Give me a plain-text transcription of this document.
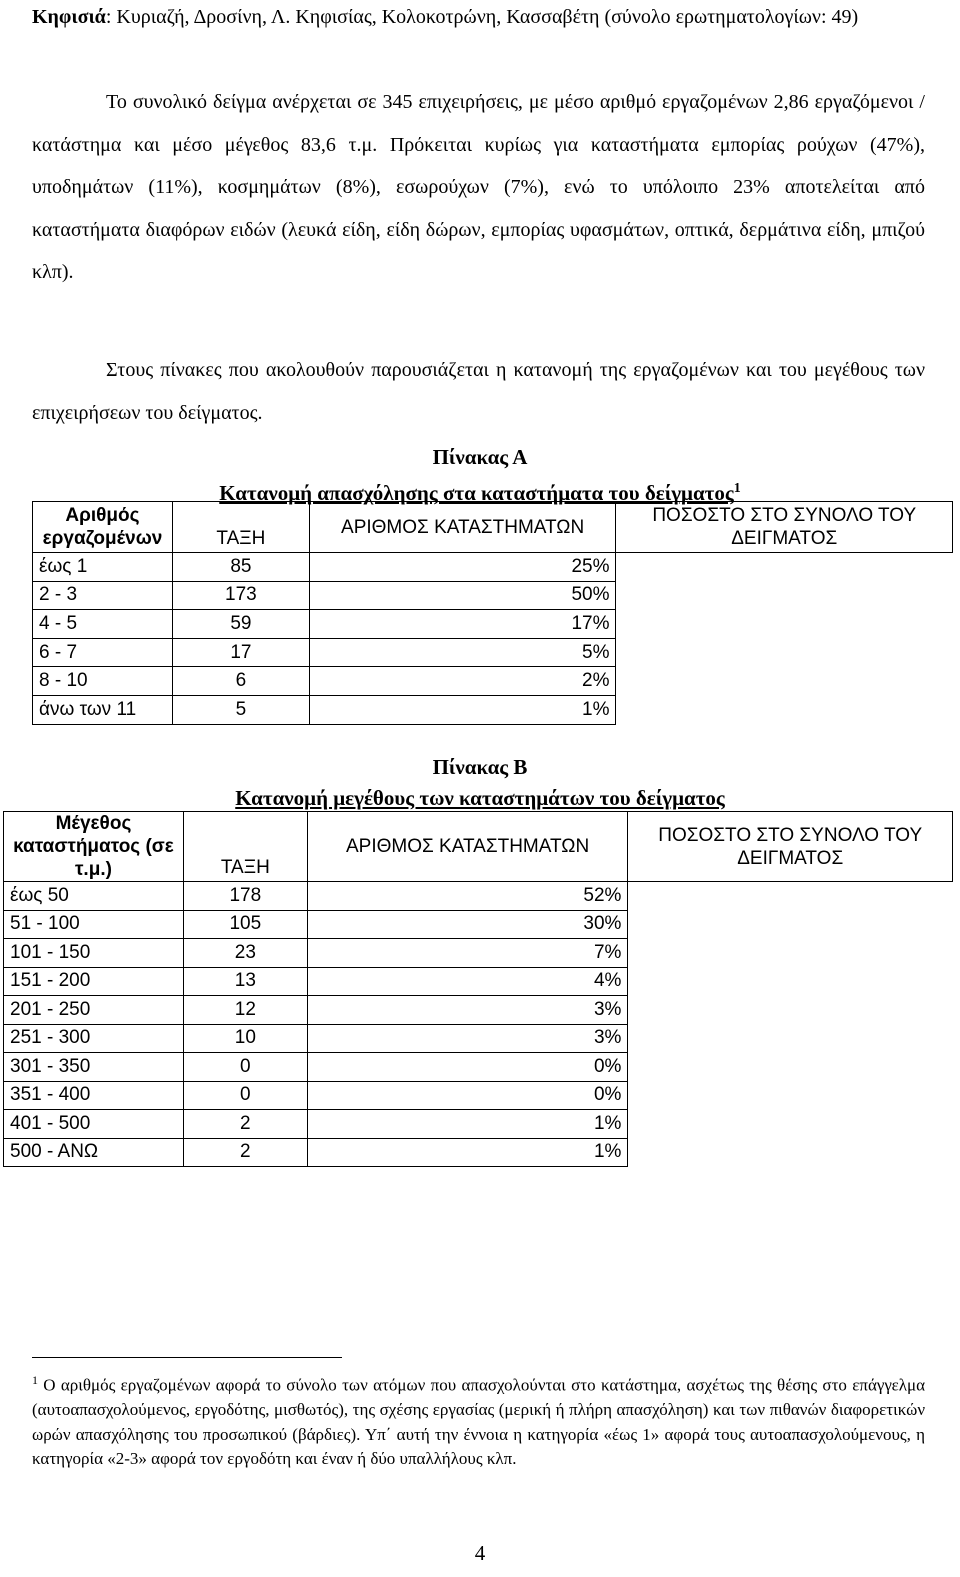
Κηφισιά: Κυριαζή, Δροσίνη, Λ. Κηφισίας, Κολοκοτρώνη, Κασσαβέτη (σύνολο ερωτηματολογίων: 49)

Το συνολικό δείγμα ανέρχεται σε 345 επιχειρήσεις, με μέσο αριθμό εργαζομένων 2,86 εργαζόμενοι / κατάστημα και μέσο μέγεθος 83,6 τ.μ. Πρόκειται κυρίως για καταστήματα εμπορίας ρούχων (47%), υποδημάτων (11%), κοσμημάτων (8%), εσωρούχων (7%), ενώ το υπόλοιπο 23% αποτελείται από καταστήματα διαφόρων ειδών (λευκά είδη, είδη δώρων, εμπορίας υφασμάτων, οπτικά, δερμάτινα είδη, μπιζού κλπ).

Στους πίνακες που ακολουθούν παρουσιάζεται η κατανομή της εργαζομένων και του μεγέθους των επιχειρήσεων του δείγματος.

Πίνακας Α
Κατανομή απασχόλησης στα καταστήματα του δείγματος$^1$
Αριθμός εργαζομένων	ΤΑΞΗ	ΑΡΙΘΜΟΣ ΚΑΤΑΣΤΗΜΑΤΩΝ	ΠΟΣΟΣΤΟ ΣΤΟ ΣΥΝΟΛΟ ΤΟΥ ΔΕΙΓΜΑΤΟΣ
έως 1	85	25%	
2 - 3	173	50%	
4 - 5	59	17%	
6 - 7	17	5%	
8 - 10	6	2%	
άνω των 11	5	1%	
Πίνακας Β
Κατανομή μεγέθους των καταστημάτων του δείγματος
Μέγεθος καταστήματος (σε τ.μ.)	ΤΑΞΗ	ΑΡΙΘΜΟΣ ΚΑΤΑΣΤΗΜΑΤΩΝ	ΠΟΣΟΣΤΟ ΣΤΟ ΣΥΝΟΛΟ ΤΟΥ ΔΕΙΓΜΑΤΟΣ
έως 50	178	52%	
51 - 100	105	30%	
101 - 150	23	7%	
151 - 200	13	4%	
201 - 250	12	3%	
251 - 300	10	3%	
301 - 350	0	0%	
351 - 400	0	0%	
401 - 500	2	1%	
500 - ΑΝΩ	2	1%	

$^1$ Ο αριθμός εργαζομένων αφορά το σύνολο των ατόμων που απασχολούνται στο κατάστημα, ασχέτως της θέσης στο επάγγελμα (αυτοαπασχολούμενος, εργοδότης, μισθωτός), της σχέσης εργασίας (μερική ή πλήρη απασχόληση) και των πιθανών διαφορετικών ωρών απασχόλησης του προσωπικού (βάρδιες). Υπ΄ αυτή την έννοια η κατηγορία «έως 1» αφορά τους αυτοαπασχολούμενους, η κατηγορία «2-3» αφορά τον εργοδότη και έναν ή δύο υπαλλήλους κλπ.

4
